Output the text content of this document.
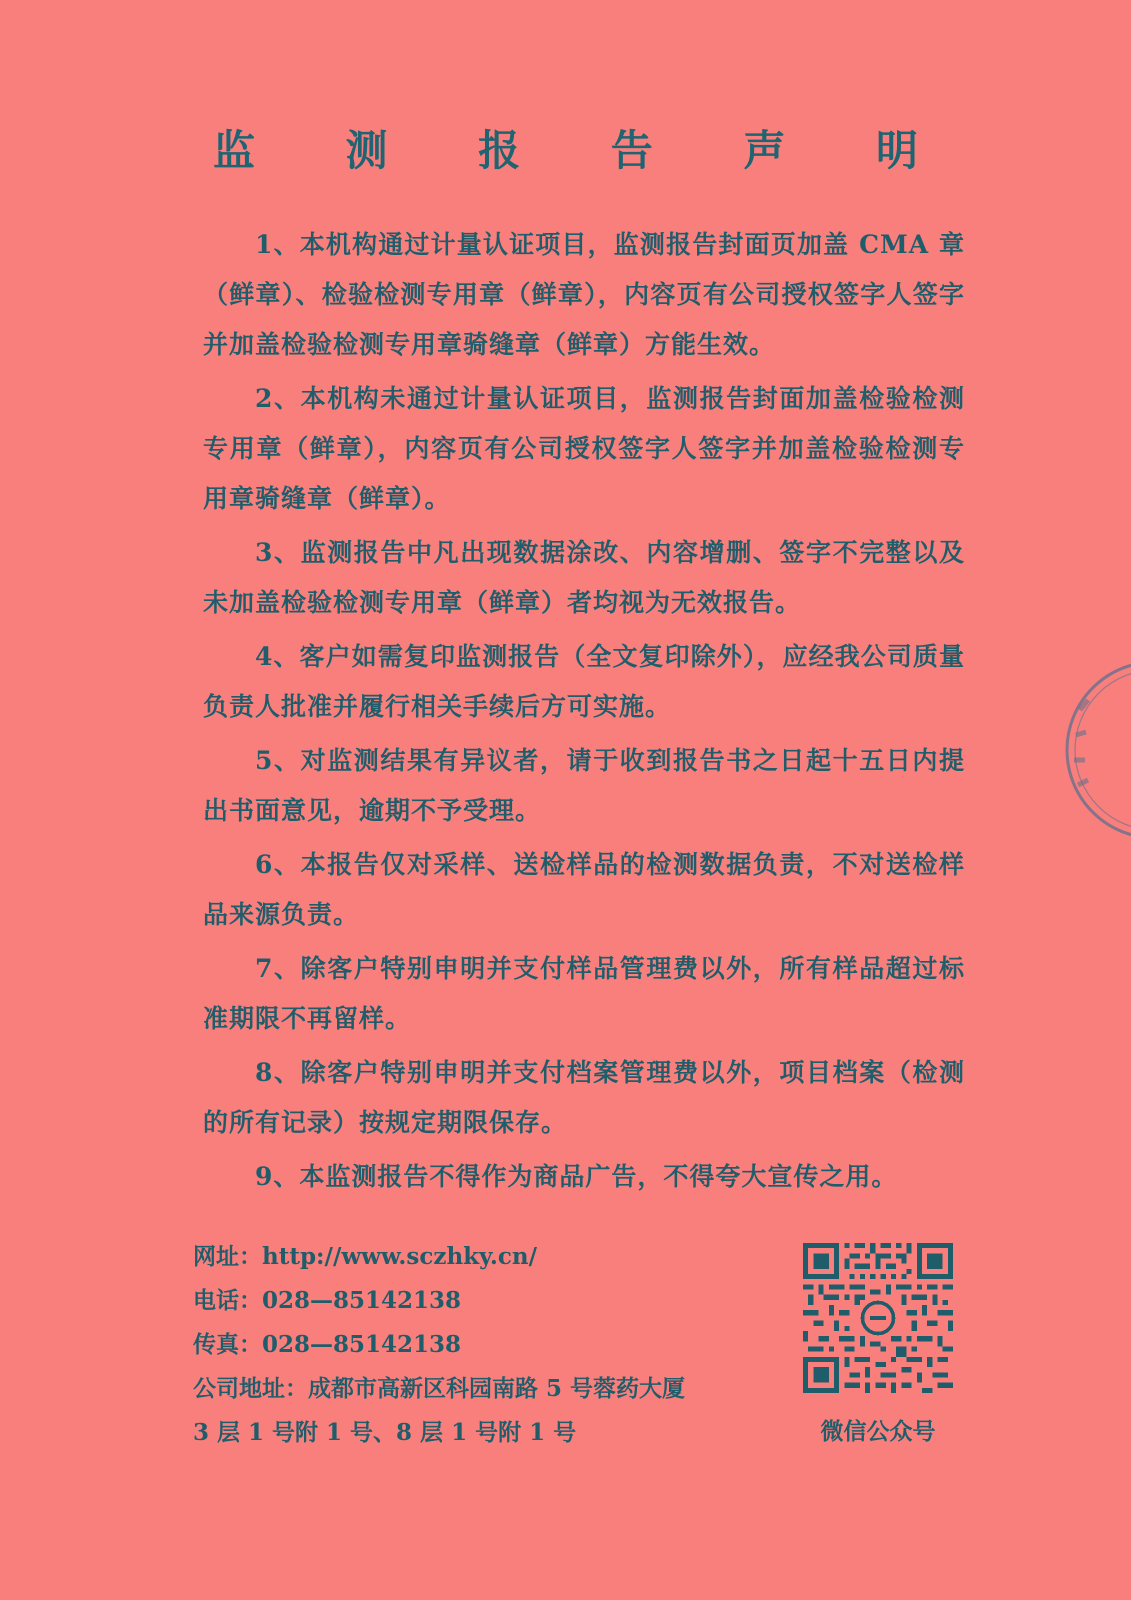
监 测 报 告 声 明

1、本机构通过计量认证项目，监测报告封面页加盖 CMA 章（鲜章）、检验检测专用章（鲜章），内容页有公司授权签字人签字并加盖检验检测专用章骑缝章（鲜章）方能生效。

2、本机构未通过计量认证项目，监测报告封面加盖检验检测专用章（鲜章），内容页有公司授权签字人签字并加盖检验检测专用章骑缝章（鲜章）。

3、监测报告中凡出现数据涂改、内容增删、签字不完整以及未加盖检验检测专用章（鲜章）者均视为无效报告。

4、客户如需复印监测报告（全文复印除外），应经我公司质量负责人批准并履行相关手续后方可实施。

5、对监测结果有异议者，请于收到报告书之日起十五日内提出书面意见，逾期不予受理。

6、本报告仅对采样、送检样品的检测数据负责，不对送检样品来源负责。

7、除客户特别申明并支付样品管理费以外，所有样品超过标准期限不再留样。

8、除客户特别申明并支付档案管理费以外，项目档案（检测的所有记录）按规定期限保存。

9、本监测报告不得作为商品广告，不得夸大宣传之用。

网址：http://www.sczhky.cn/
电话：028—85142138
传真：028—85142138
公司地址：成都市高新区科园南路 5 号蓉药大厦
3 层 1 号附 1 号、8 层 1 号附 1 号	微信公众号
